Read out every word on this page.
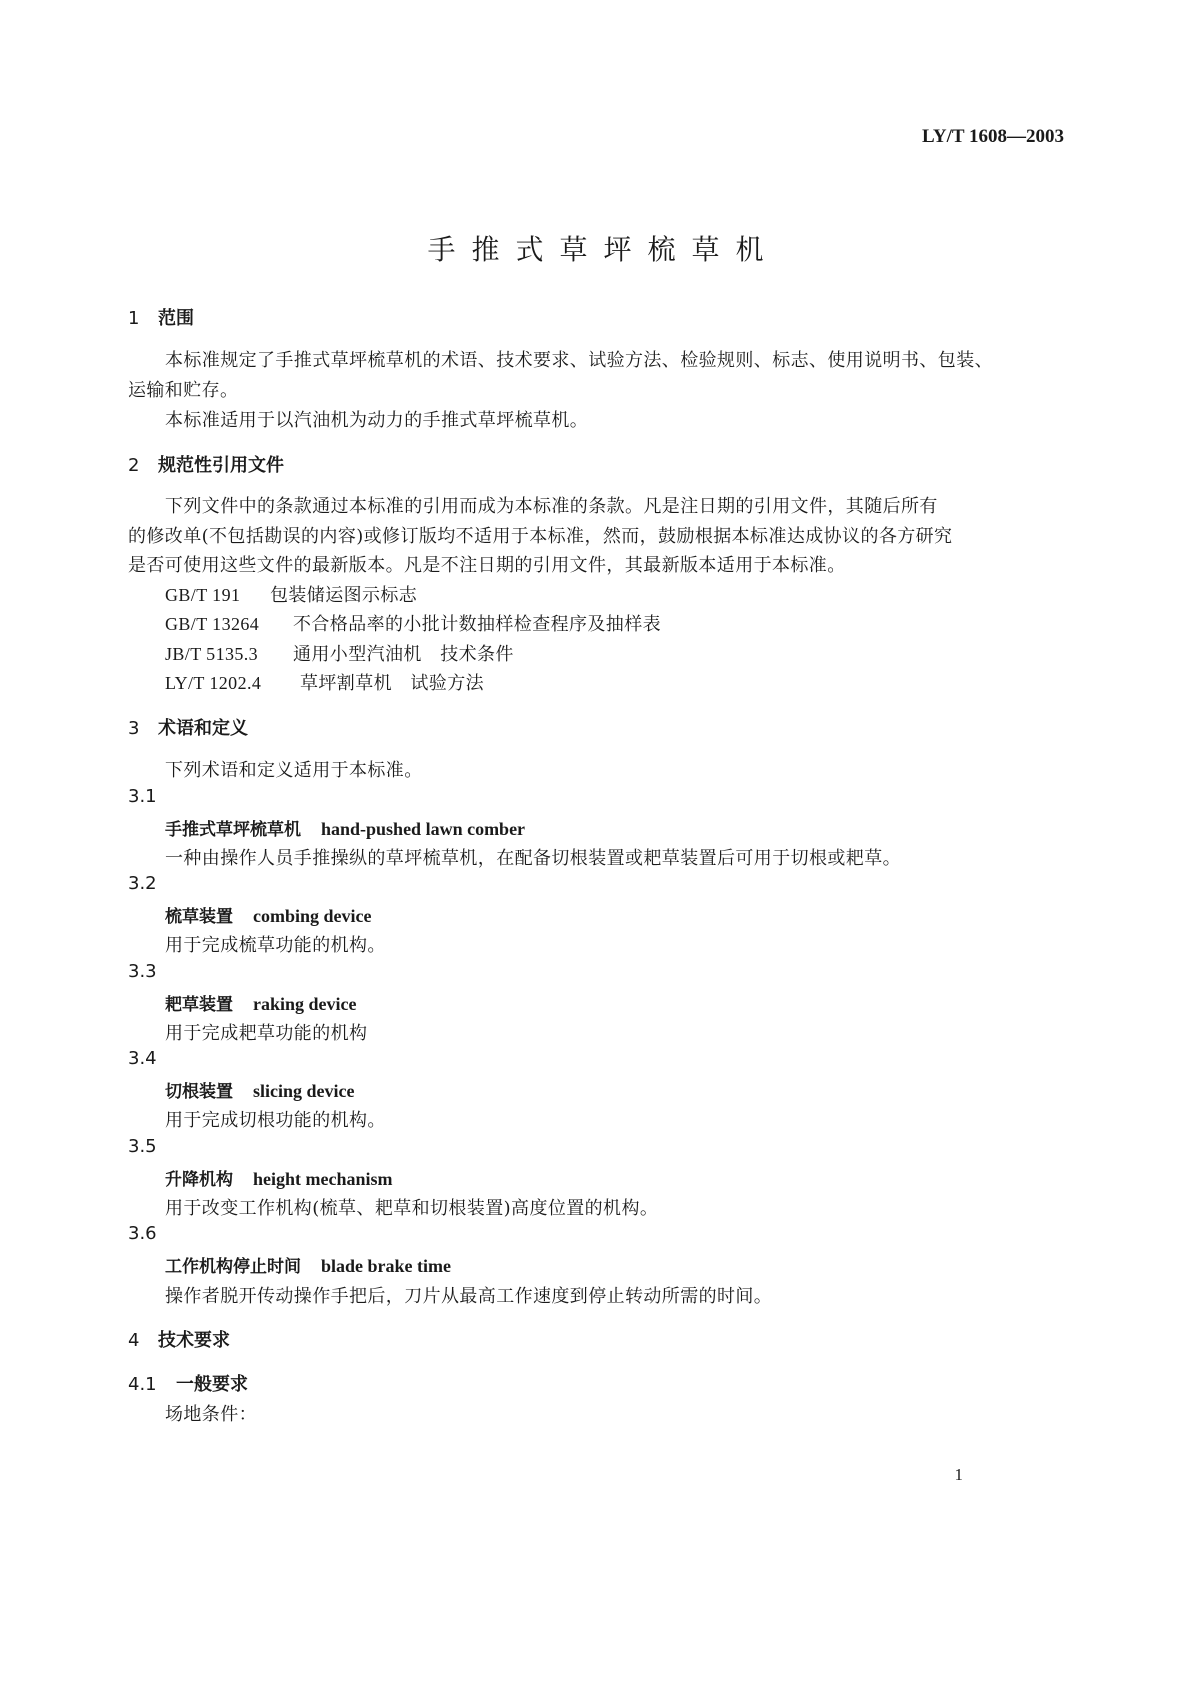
LY/T 1608—2003
手推式草坪梳草机
1 范围
本标准规定了手推式草坪梳草机的术语、技术要求、试验方法、检验规则、标志、使用说明书、包装、
运输和贮存。
本标准适用于以汽油机为动力的手推式草坪梳草机。
2 规范性引用文件
下列文件中的条款通过本标准的引用而成为本标准的条款。凡是注日期的引用文件，其随后所有
的修改单(不包括勘误的内容)或修订版均不适用于本标准，然而，鼓励根据本标准达成协议的各方研究
是否可使用这些文件的最新版本。凡是不注日期的引用文件，其最新版本适用于本标准。
GB/T 191 包装储运图示标志
GB/T 13264 不合格品率的小批计数抽样检查程序及抽样表
JB/T 5135.3 通用小型汽油机　技术条件
LY/T 1202.4 草坪割草机　试验方法
3 术语和定义
下列术语和定义适用于本标准。
3.1
手推式草坪梳草机 hand-pushed lawn comber
一种由操作人员手推操纵的草坪梳草机，在配备切根装置或耙草装置后可用于切根或耙草。
3.2
梳草装置 combing device
用于完成梳草功能的机构。
3.3
耙草装置 raking device
用于完成耙草功能的机构
3.4
切根装置 slicing device
用于完成切根功能的机构。
3.5
升降机构 height mechanism
用于改变工作机构(梳草、耙草和切根装置)高度位置的机构。
3.6
工作机构停止时间 blade brake time
操作者脱开传动操作手把后，刀片从最高工作速度到停止转动所需的时间。
4 技术要求
4.1 一般要求
场地条件：
1
